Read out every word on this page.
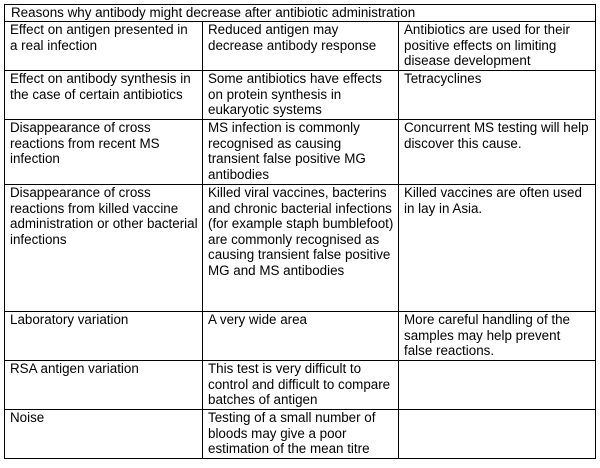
Reasons why antibody might decrease after antibiotic administration		
Effect on antigen presented in a real infection	Reduced antigen may decrease antibody response	Antibiotics are used for their positive effects on limiting disease development
Effect on antibody synthesis in the case of certain antibiotics	Some antibiotics have effects on protein synthesis in eukaryotic systems	Tetracyclines
Disappearance of cross reactions from recent MS infection	MS infection is commonly recognised as causing transient false positive MG antibodies	Concurrent MS testing will help discover this cause.
Disappearance of cross reactions from killed vaccine administration or other bacterial infections	Killed viral vaccines, bacterins and chronic bacterial infections (for example staph bumblefoot) are commonly recognised as causing transient false positive MG and MS antibodies	Killed vaccines are often used in lay in Asia.
Laboratory variation	A very wide area	More careful handling of the samples may help prevent false reactions.
RSA antigen variation	This test is very difficult to control and difficult to compare batches of antigen	
Noise	Testing of a small number of bloods may give a poor estimation of the mean titre	
